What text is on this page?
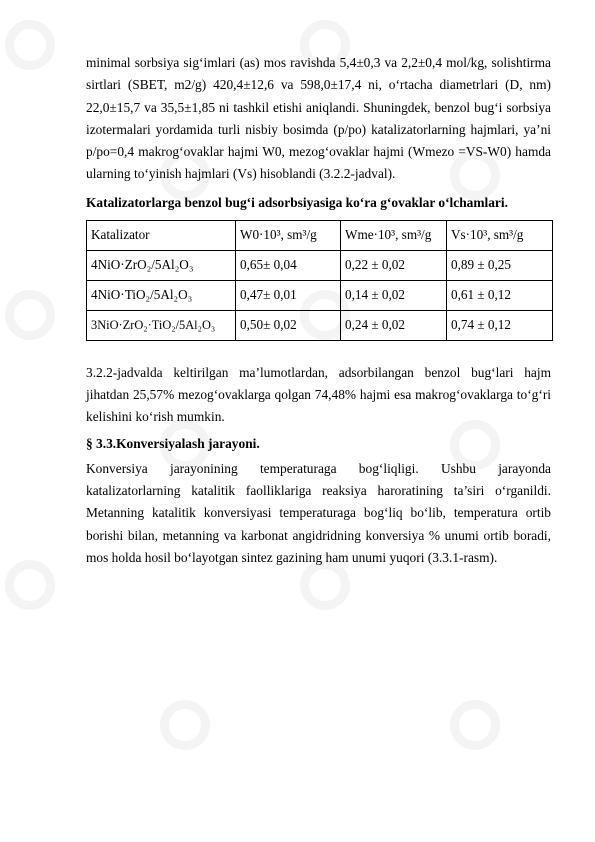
minimal sorbsiya sig‘imlari (as) mos ravishda 5,4±0,3 va 2,2±0,4 mol/kg, solishtirma sirtlari (SBET, m2/g) 420,4±12,6 va 598,0±17,4 ni, o‘rtacha diametrlari (D, nm) 22,0±15,7 va 35,5±1,85 ni tashkil etishi aniqlandi. Shuningdek, benzol bug‘i sorbsiya izotermalari yordamida turli nisbiy bosimda (p/po) katalizatorlarning hajmlari, ya’ni p/po=0,4 makrog‘ovaklar hajmi W0, mezog‘ovaklar hajmi (Wmezo =VS-W0) hamda ularning to‘yinish hajmlari (Vs) hisoblandi (3.2.2-jadval).

Katalizatorlarga benzol bug‘i adsorbsiyasiga ko‘ra g‘ovaklar o‘lchamlari.
Katalizator	W0·10³, sm³/g	Wme·10³, sm³/g	Vs·10³, sm³/g
4NiO·ZrO₂/5Al₂O₃	0,65± 0,04	0,22 ± 0,02	0,89 ± 0,25
4NiO·TiO₂/5Al₂O₃	0,47± 0,01	0,14 ± 0,02	0,61 ± 0,12
3NiO·ZrO₂·TiO₂/5Al₂O₃	0,50± 0,02	0,24 ± 0,02	0,74 ± 0,12

3.2.2-jadvalda keltirilgan ma’lumotlardan, adsorbilangan benzol bug‘lari hajm jihatdan 25,57% mezog‘ovaklarga qolgan 74,48% hajmi esa makrog‘ovaklarga to‘g‘ri kelishini ko‘rish mumkin.

§ 3.3.Konversiyalash jarayoni.

Konversiya jarayonining temperaturaga bog‘liqligi. Ushbu jarayonda katalizatorlarning katalitik faolliklariga reaksiya haroratining ta’siri o‘rganildi. Metanning katalitik konversiyasi temperaturaga bog‘liq bo‘lib, temperatura ortib borishi bilan, metanning va karbonat angidridning konversiya % unumi ortib boradi, mos holda hosil bo‘layotgan sintez gazining ham unumi yuqori (3.3.1-rasm).
